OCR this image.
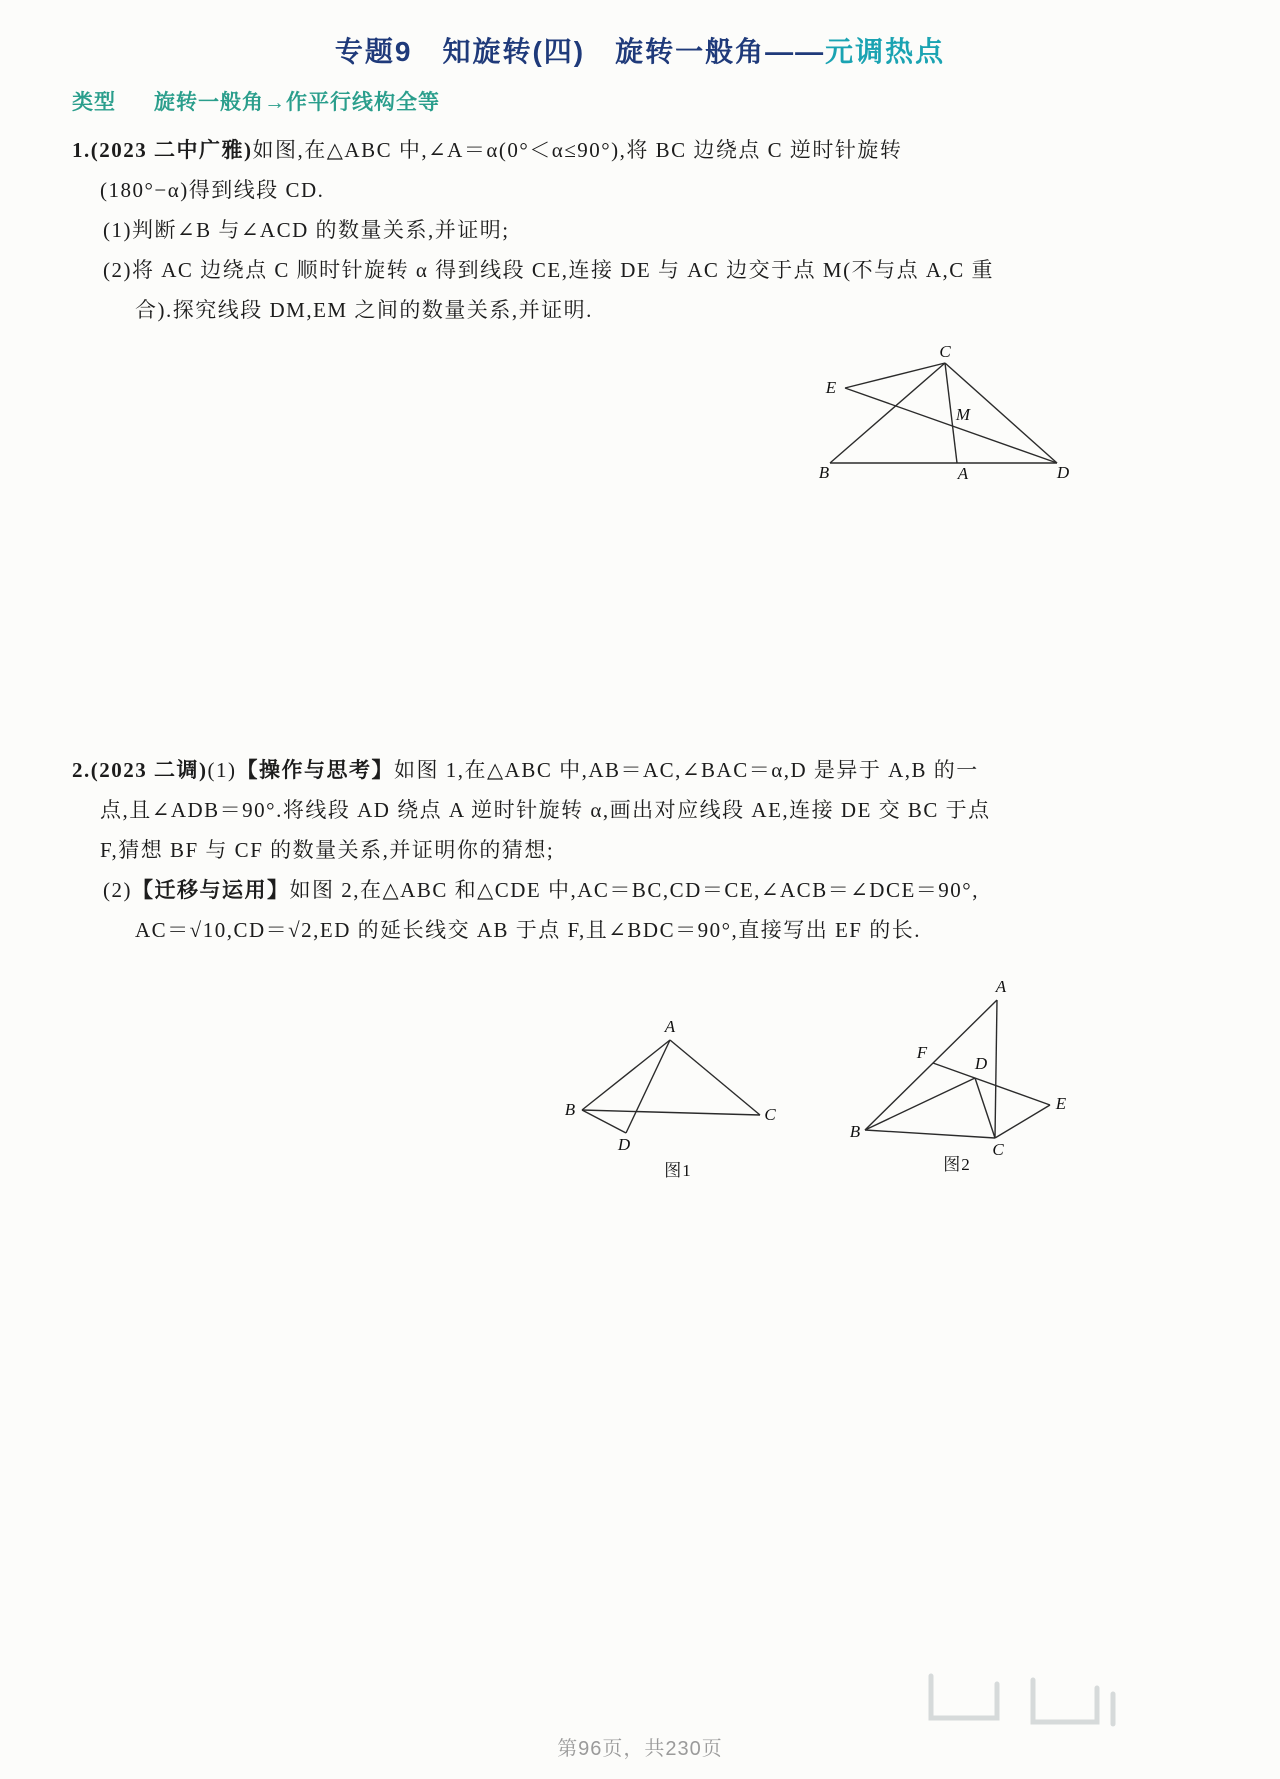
专题9　知旋转(四)　旋转一般角——元调热点
类型 旋转一般角→作平行线构全等
1.(2023 二中广雅)如图,在△ABC 中,∠A＝α(0°＜α≤90°),将 BC 边绕点 C 逆时针旋转
(180°−α)得到线段 CD.
(1)判断∠B 与∠ACD 的数量关系,并证明;
(2)将 AC 边绕点 C 顺时针旋转 α 得到线段 CE,连接 DE 与 AC 边交于点 M(不与点 A,C 重
合).探究线段 DM,EM 之间的数量关系,并证明.
C
E
M
B	A	D
2.(2023 二调)(1)【操作与思考】如图 1,在△ABC 中,AB＝AC,∠BAC＝α,D 是异于 A,B 的一
点,且∠ADB＝90°.将线段 AD 绕点 A 逆时针旋转 α,画出对应线段 AE,连接 DE 交 BC 于点
F,猜想 BF 与 CF 的数量关系,并证明你的猜想;
(2)【迁移与运用】如图 2,在△ABC 和△CDE 中,AC＝BC,CD＝CE,∠ACB＝∠DCE＝90°,
AC＝√10,CD＝√2,ED 的延长线交 AB 于点 F,且∠BDC＝90°,直接写出 EF 的长.
A
B	C
D
图1
A
F
D
E
B
C
图2
第96页，共230页
